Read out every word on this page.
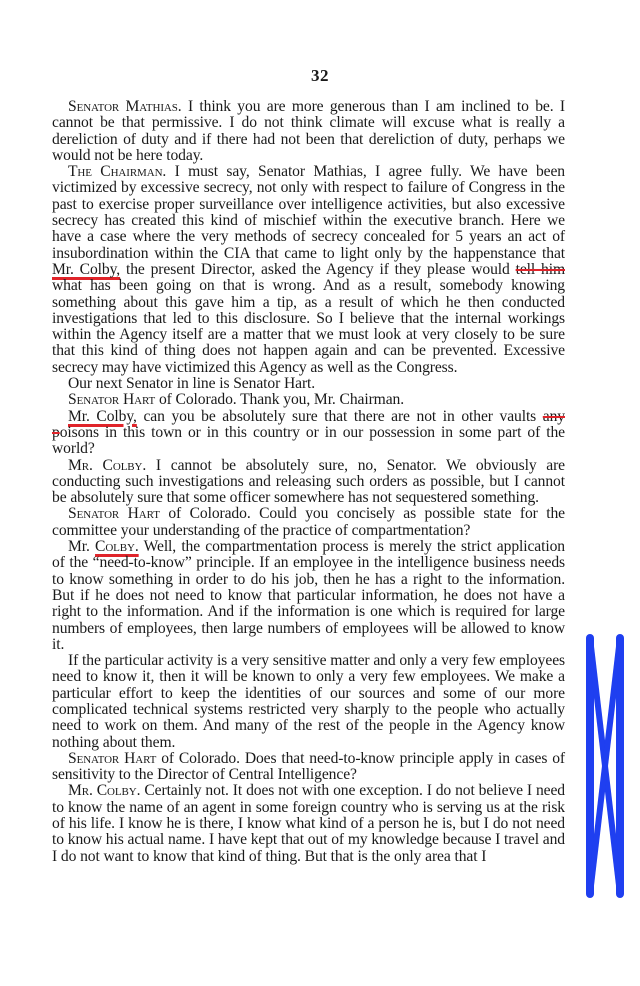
32

Senator Mathias. I think you are more generous than I am inclined to be. I cannot be that permissive. I do not think climate will excuse what is really a dereliction of duty and if there had not been that dereliction of duty, perhaps we would not be here today.

The Chairman. I must say, Senator Mathias, I agree fully. We have been victimized by excessive secrecy, not only with respect to failure of Congress in the past to exercise proper surveillance over intelligence activities, but also excessive secrecy has created this kind of mischief within the executive branch. Here we have a case where the very methods of secrecy concealed for 5 years an act of insubordination within the CIA that came to light only by the happenstance that Mr. Colby, the present Director, asked the Agency if they please would tell him what has been going on that is wrong. And as a result, somebody knowing something about this gave him a tip, as a result of which he then conducted investigations that led to this disclosure. So I believe that the internal workings within the Agency itself are a matter that we must look at very closely to be sure that this kind of thing does not happen again and can be prevented. Excessive secrecy may have victimized this Agency as well as the Congress.

Our next Senator in line is Senator Hart.

Senator Hart of Colorado. Thank you, Mr. Chairman.

Mr. Colby, can you be absolutely sure that there are not in other vaults any poisons in this town or in this country or in our possession in some part of the world?

Mr. Colby. I cannot be absolutely sure, no, Senator. We obviously are conducting such investigations and releasing such orders as possible, but I cannot be absolutely sure that some officer somewhere has not sequestered something.

Senator Hart of Colorado. Could you concisely as possible state for the committee your understanding of the practice of compartmentation?

Mr. Colby. Well, the compartmentation process is merely the strict application of the “need-to-know” principle. If an employee in the intelligence business needs to know something in order to do his job, then he has a right to the information. But if he does not need to know that particular information, he does not have a right to the information. And if the information is one which is required for large numbers of employees, then large numbers of employees will be allowed to know it.

If the particular activity is a very sensitive matter and only a very few employees need to know it, then it will be known to only a very few employees. We make a particular effort to keep the identities of our sources and some of our more complicated technical systems restricted very sharply to the people who actually need to work on them. And many of the rest of the people in the Agency know nothing about them.

Senator Hart of Colorado. Does that need-to-know principle apply in cases of sensitivity to the Director of Central Intelligence?

Mr. Colby. Certainly not. It does not with one exception. I do not believe I need to know the name of an agent in some foreign country who is serving us at the risk of his life. I know he is there, I know what kind of a person he is, but I do not need to know his actual name. I have kept that out of my knowledge because I travel and I do not want to know that kind of thing. But that is the only area that I
